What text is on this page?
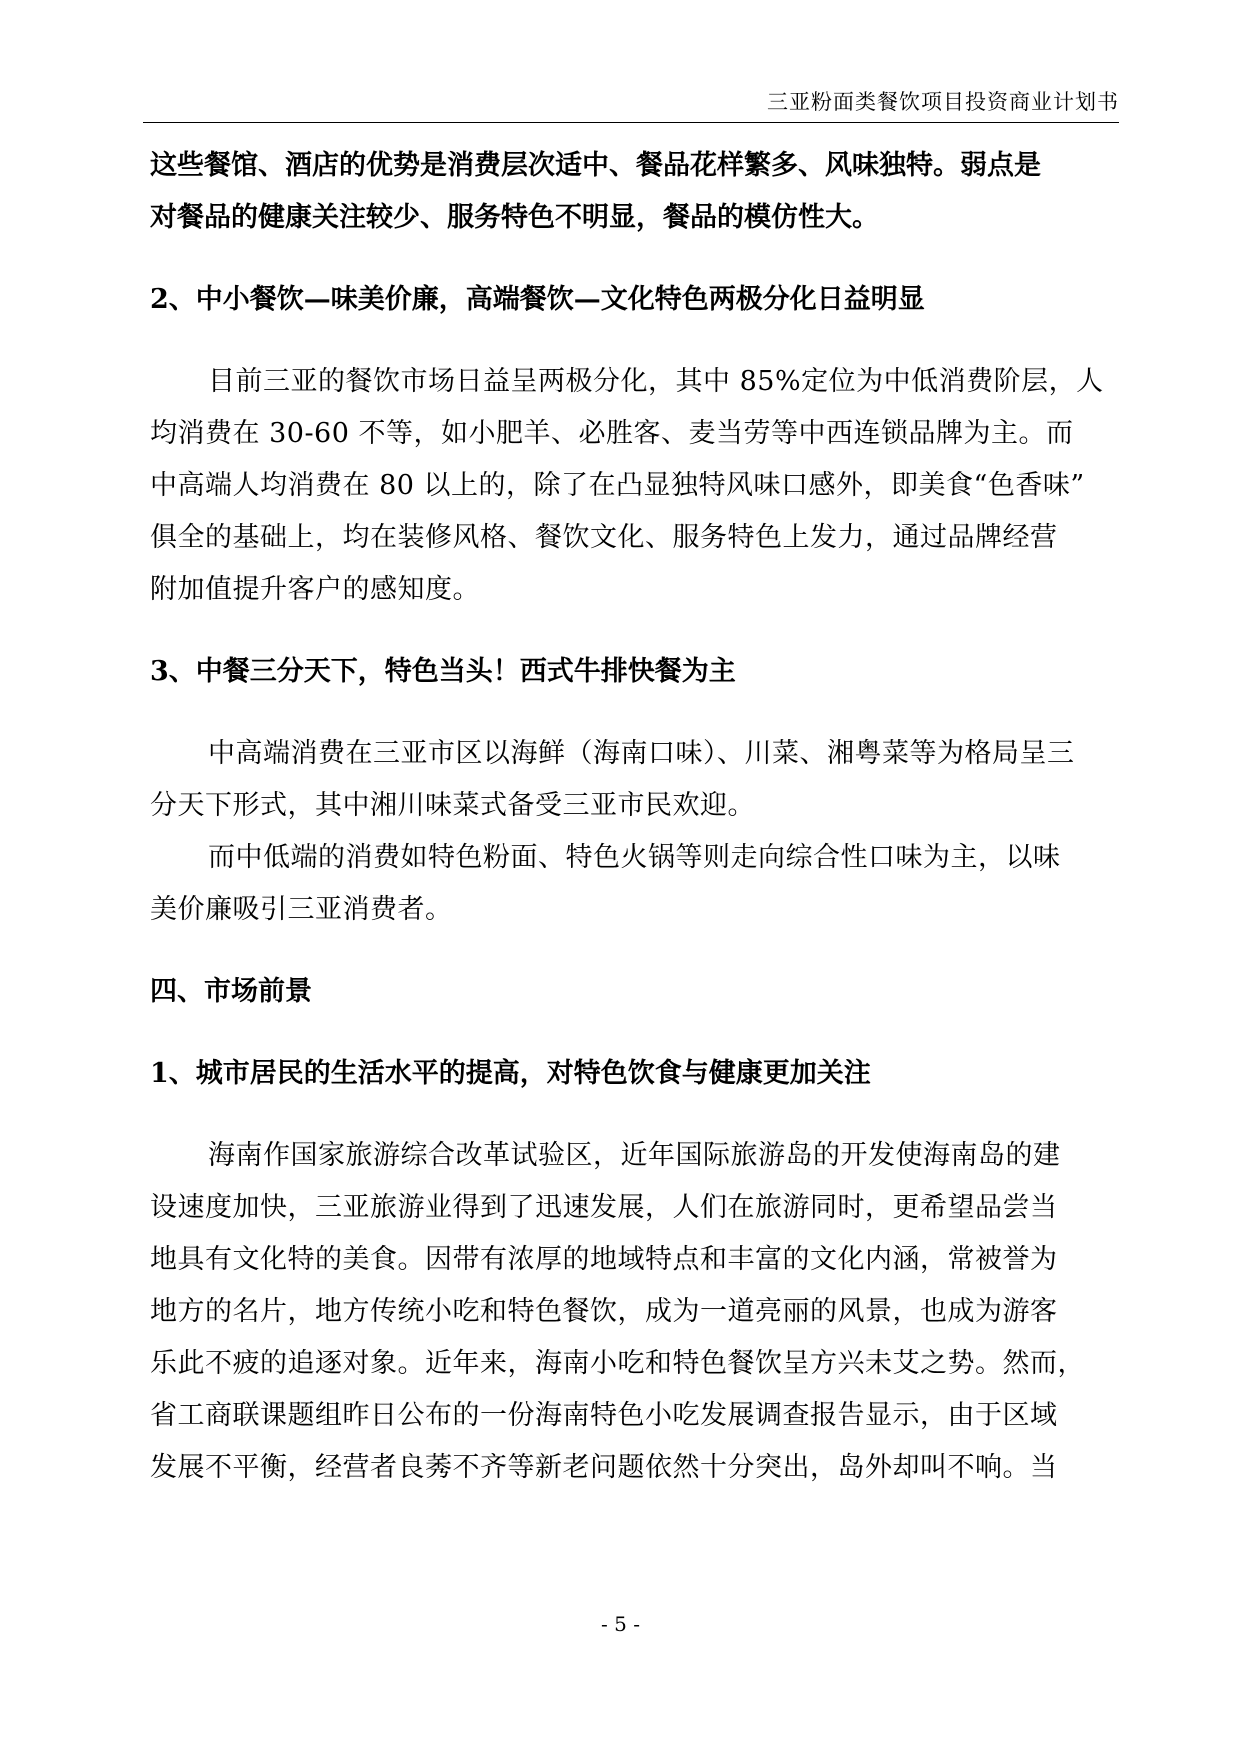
三亚粉面类餐饮项目投资商业计划书

这些餐馆、酒店的优势是消费层次适中、餐品花样繁多、风味独特。弱点是

对餐品的健康关注较少、服务特色不明显，餐品的模仿性大。

2、中小餐饮—味美价廉，高端餐饮—文化特色两极分化日益明显

目前三亚的餐饮市场日益呈两极分化，其中 85%定位为中低消费阶层，人

均消费在 30-60 不等，如小肥羊、必胜客、麦当劳等中西连锁品牌为主。而

中高端人均消费在 80 以上的，除了在凸显独特风味口感外，即美食“色香味”

俱全的基础上，均在装修风格、餐饮文化、服务特色上发力，通过品牌经营

附加值提升客户的感知度。

3、中餐三分天下，特色当头！西式牛排快餐为主

中高端消费在三亚市区以海鲜（海南口味）、川菜、湘粤菜等为格局呈三

分天下形式，其中湘川味菜式备受三亚市民欢迎。

而中低端的消费如特色粉面、特色火锅等则走向综合性口味为主，以味

美价廉吸引三亚消费者。

四、市场前景

1、城市居民的生活水平的提高，对特色饮食与健康更加关注

海南作国家旅游综合改革试验区，近年国际旅游岛的开发使海南岛的建

设速度加快，三亚旅游业得到了迅速发展，人们在旅游同时，更希望品尝当

地具有文化特的美食。因带有浓厚的地域特点和丰富的文化内涵，常被誉为

地方的名片，地方传统小吃和特色餐饮，成为一道亮丽的风景，也成为游客

乐此不疲的追逐对象。近年来，海南小吃和特色餐饮呈方兴未艾之势。然而，

省工商联课题组昨日公布的一份海南特色小吃发展调查报告显示，由于区域

发展不平衡，经营者良莠不齐等新老问题依然十分突出，岛外却叫不响。当

- 5 -
